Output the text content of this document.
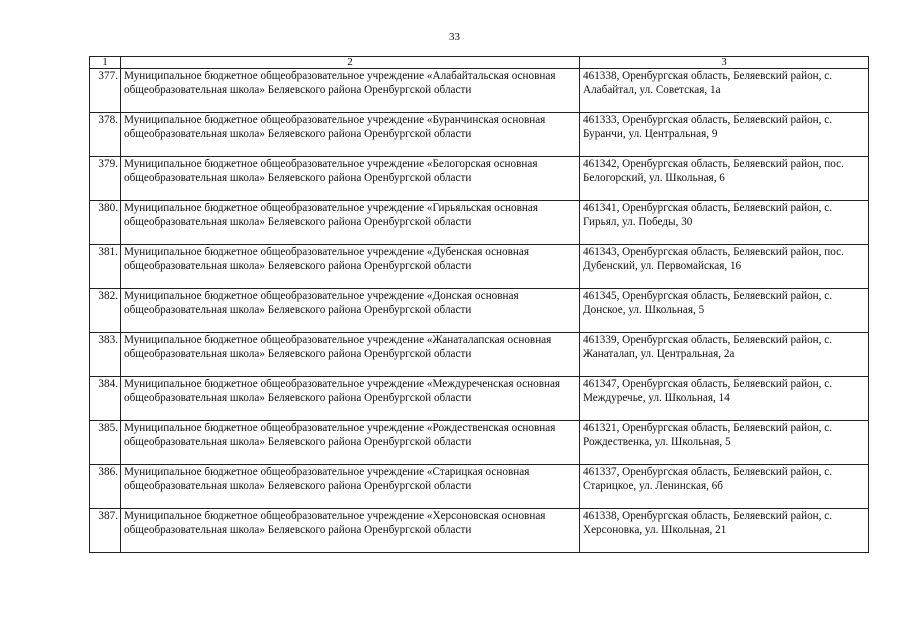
33
1	2	3
377.	Муниципальное бюджетное общеобразовательное учреждение «Алабайтальская основная общеобразовательная школа» Беляевского района Оренбургской области	461338, Оренбургская область, Беляевский район, с. Алабайтал, ул. Советская, 1а
378.	Муниципальное бюджетное общеобразовательное учреждение «Буранчинская основная общеобразовательная школа» Беляевского района Оренбургской области	461333, Оренбургская область, Беляевский район, с. Буранчи, ул. Центральная, 9
379.	Муниципальное бюджетное общеобразовательное учреждение «Белогорская основная общеобразовательная школа» Беляевского района Оренбургской области	461342, Оренбургская область, Беляевский район, пос. Белогорский, ул. Школьная, 6
380.	Муниципальное бюджетное общеобразовательное учреждение «Гирьяльская основная общеобразовательная школа» Беляевского района Оренбургской области	461341, Оренбургская область, Беляевский район, с. Гирьял, ул. Победы, 30
381.	Муниципальное бюджетное общеобразовательное учреждение «Дубенская основная общеобразовательная школа» Беляевского района Оренбургской области	461343, Оренбургская область, Беляевский район, пос. Дубенский, ул. Первомайская, 16
382.	Муниципальное бюджетное общеобразовательное учреждение «Донская основная общеобразовательная школа» Беляевского района Оренбургской области	461345, Оренбургская область, Беляевский район, с. Донское, ул. Школьная, 5
383.	Муниципальное бюджетное общеобразовательное учреждение «Жанаталапская основная общеобразовательная школа» Беляевского района Оренбургской области	461339, Оренбургская область, Беляевский район, с. Жанаталап, ул. Центральная, 2а
384.	Муниципальное бюджетное общеобразовательное учреждение «Междуреченская основная общеобразовательная школа» Беляевского района Оренбургской области	461347, Оренбургская область, Беляевский район, с. Междуречье, ул. Школьная, 14
385.	Муниципальное бюджетное общеобразовательное учреждение «Рождественская основная общеобразовательная школа» Беляевского района Оренбургской области	461321, Оренбургская область, Беляевский район, с. Рождественка, ул. Школьная, 5
386.	Муниципальное бюджетное общеобразовательное учреждение «Старицкая основная общеобразовательная школа» Беляевского района Оренбургской области	461337, Оренбургская область, Беляевский район, с. Старицкое, ул. Ленинская, 6б
387.	Муниципальное бюджетное общеобразовательное учреждение «Херсоновская основная общеобразовательная школа» Беляевского района Оренбургской области	461338, Оренбургская область, Беляевский район, с. Херсоновка, ул. Школьная, 21
